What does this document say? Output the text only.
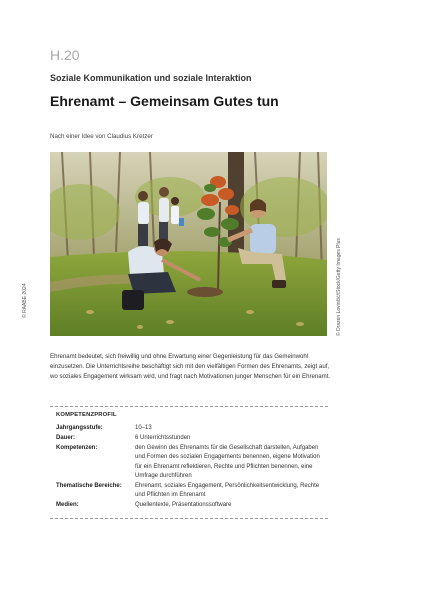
H.20
Soziale Kommunikation und soziale Interaktion
Ehrenamt – Gemeinsam Gutes tun
Nach einer Idee von Claudius Kretzer
© Drazen Lovinčić/iStock/Getty Images Plus
© RAABE 2024

Ehrenamt bedeutet, sich freiwillig und ohne Erwartung einer Gegenleistung für das Gemeinwohl einzusetzen. Die Unterrichtsreihe beschäftigt sich mit den vielfältigen Formen des Ehrenamts, zeigt auf, wo soziales Engagement wirksam wird, und fragt nach Motivationen junger Menschen für ein Ehrenamt.

KOMPETENZPROFIL
Jahrgangsstufe:	10–13
Dauer:	6 Unterrichtsstunden
Kompetenzen:	den Gewinn des Ehrenamts für die Gesellschaft darstellen, Aufgaben und Formen des sozialen Engagements benennen, eigene Motivation für ein Ehrenamt reflektieren, Rechte und Pflichten benennen, eine Umfrage durchführen
Thematische Bereiche:	Ehrenamt, soziales Engagement, Persönlichkeitsentwicklung, Rechte und Pflichten im Ehrenamt
Medien:	Quellentexte, Präsentationssoftware
